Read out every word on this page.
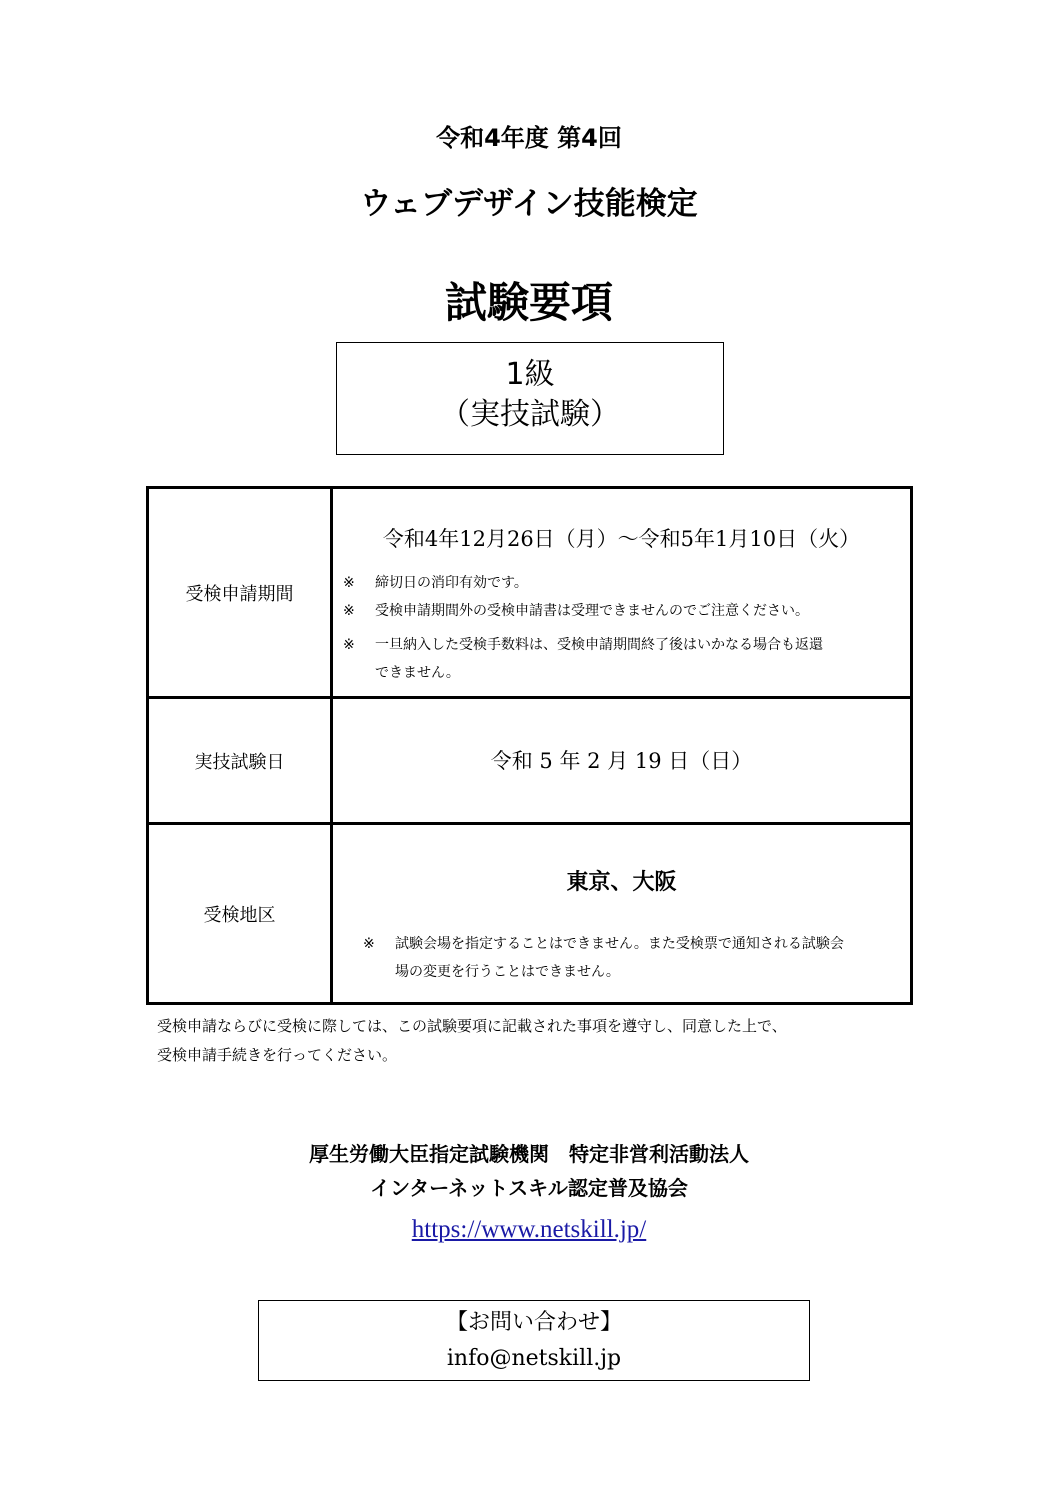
令和4年度 第4回
ウェブデザイン技能検定
試験要項
1級
（実技試験）
受検申請期間
令和4年12月26日（月）～令和5年1月10日（火）
※ 締切日の消印有効です。
※ 受検申請期間外の受検申請書は受理できませんのでご注意ください。
※ 一旦納入した受検手数料は、受検申請期間終了後はいかなる場合も返還
できません。
実技試験日	令和 5 年 2 月 19 日（日）
受検地区
東京、大阪
※ 試験会場を指定することはできません。また受検票で通知される試験会
場の変更を行うことはできません。
受検申請ならびに受検に際しては、この試験要項に記載された事項を遵守し、同意した上で、
受検申請手続きを行ってください。
厚生労働大臣指定試験機関　特定非営利活動法人
インターネットスキル認定普及協会
https://www.netskill.jp/
【お問い合わせ】
info@netskill.jp
